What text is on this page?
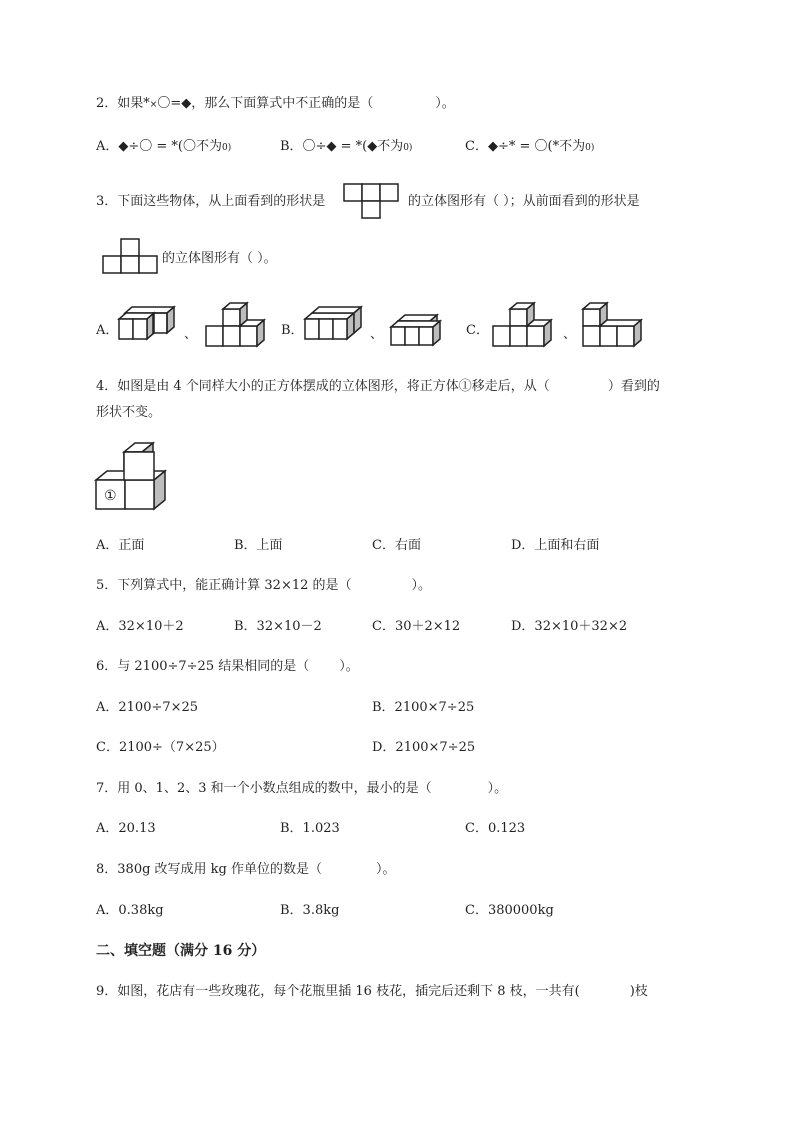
2．如果*×〇=◆，那么下面算式中不正确的是（	）。
A．◆÷〇 = *(〇不为0)	B．〇÷◆ = *(◆不为0)	C．◆÷* = 〇(*不为0)
3．下面这些物体，从上面看到的形状是	的立体图形有（ ）；从前面看到的形状是
的立体图形有（ ）。
A．	、	B．	、	C．	、
4．如图是由 4 个同样大小的正方体摆成的立体图形，将正方体①移走后，从（	）看到的
形状不变。
①
A．正面	B．上面	C．右面	D．上面和右面
5．下列算式中，能正确计算 32×12 的是（	）。
A．32×10＋2	B．32×10－2	C．30＋2×12	D．32×10＋32×2
6．与 2100÷7÷25 结果相同的是（ ）。
A．2100÷7×25	B．2100×7÷25
C．2100÷（7×25）	D．2100×7÷25
7．用 0、1、2、3 和一个小数点组成的数中，最小的是（	）。
A．20.13	B．1.023	C．0.123
8．380g 改写成用 kg 作单位的数是（	）。
A．0.38kg	B．3.8kg	C．380000kg
二、填空题（满分 16 分）
9．如图，花店有一些玫瑰花，每个花瓶里插 16 枝花，插完后还剩下 8 枝，一共有(	)枝
